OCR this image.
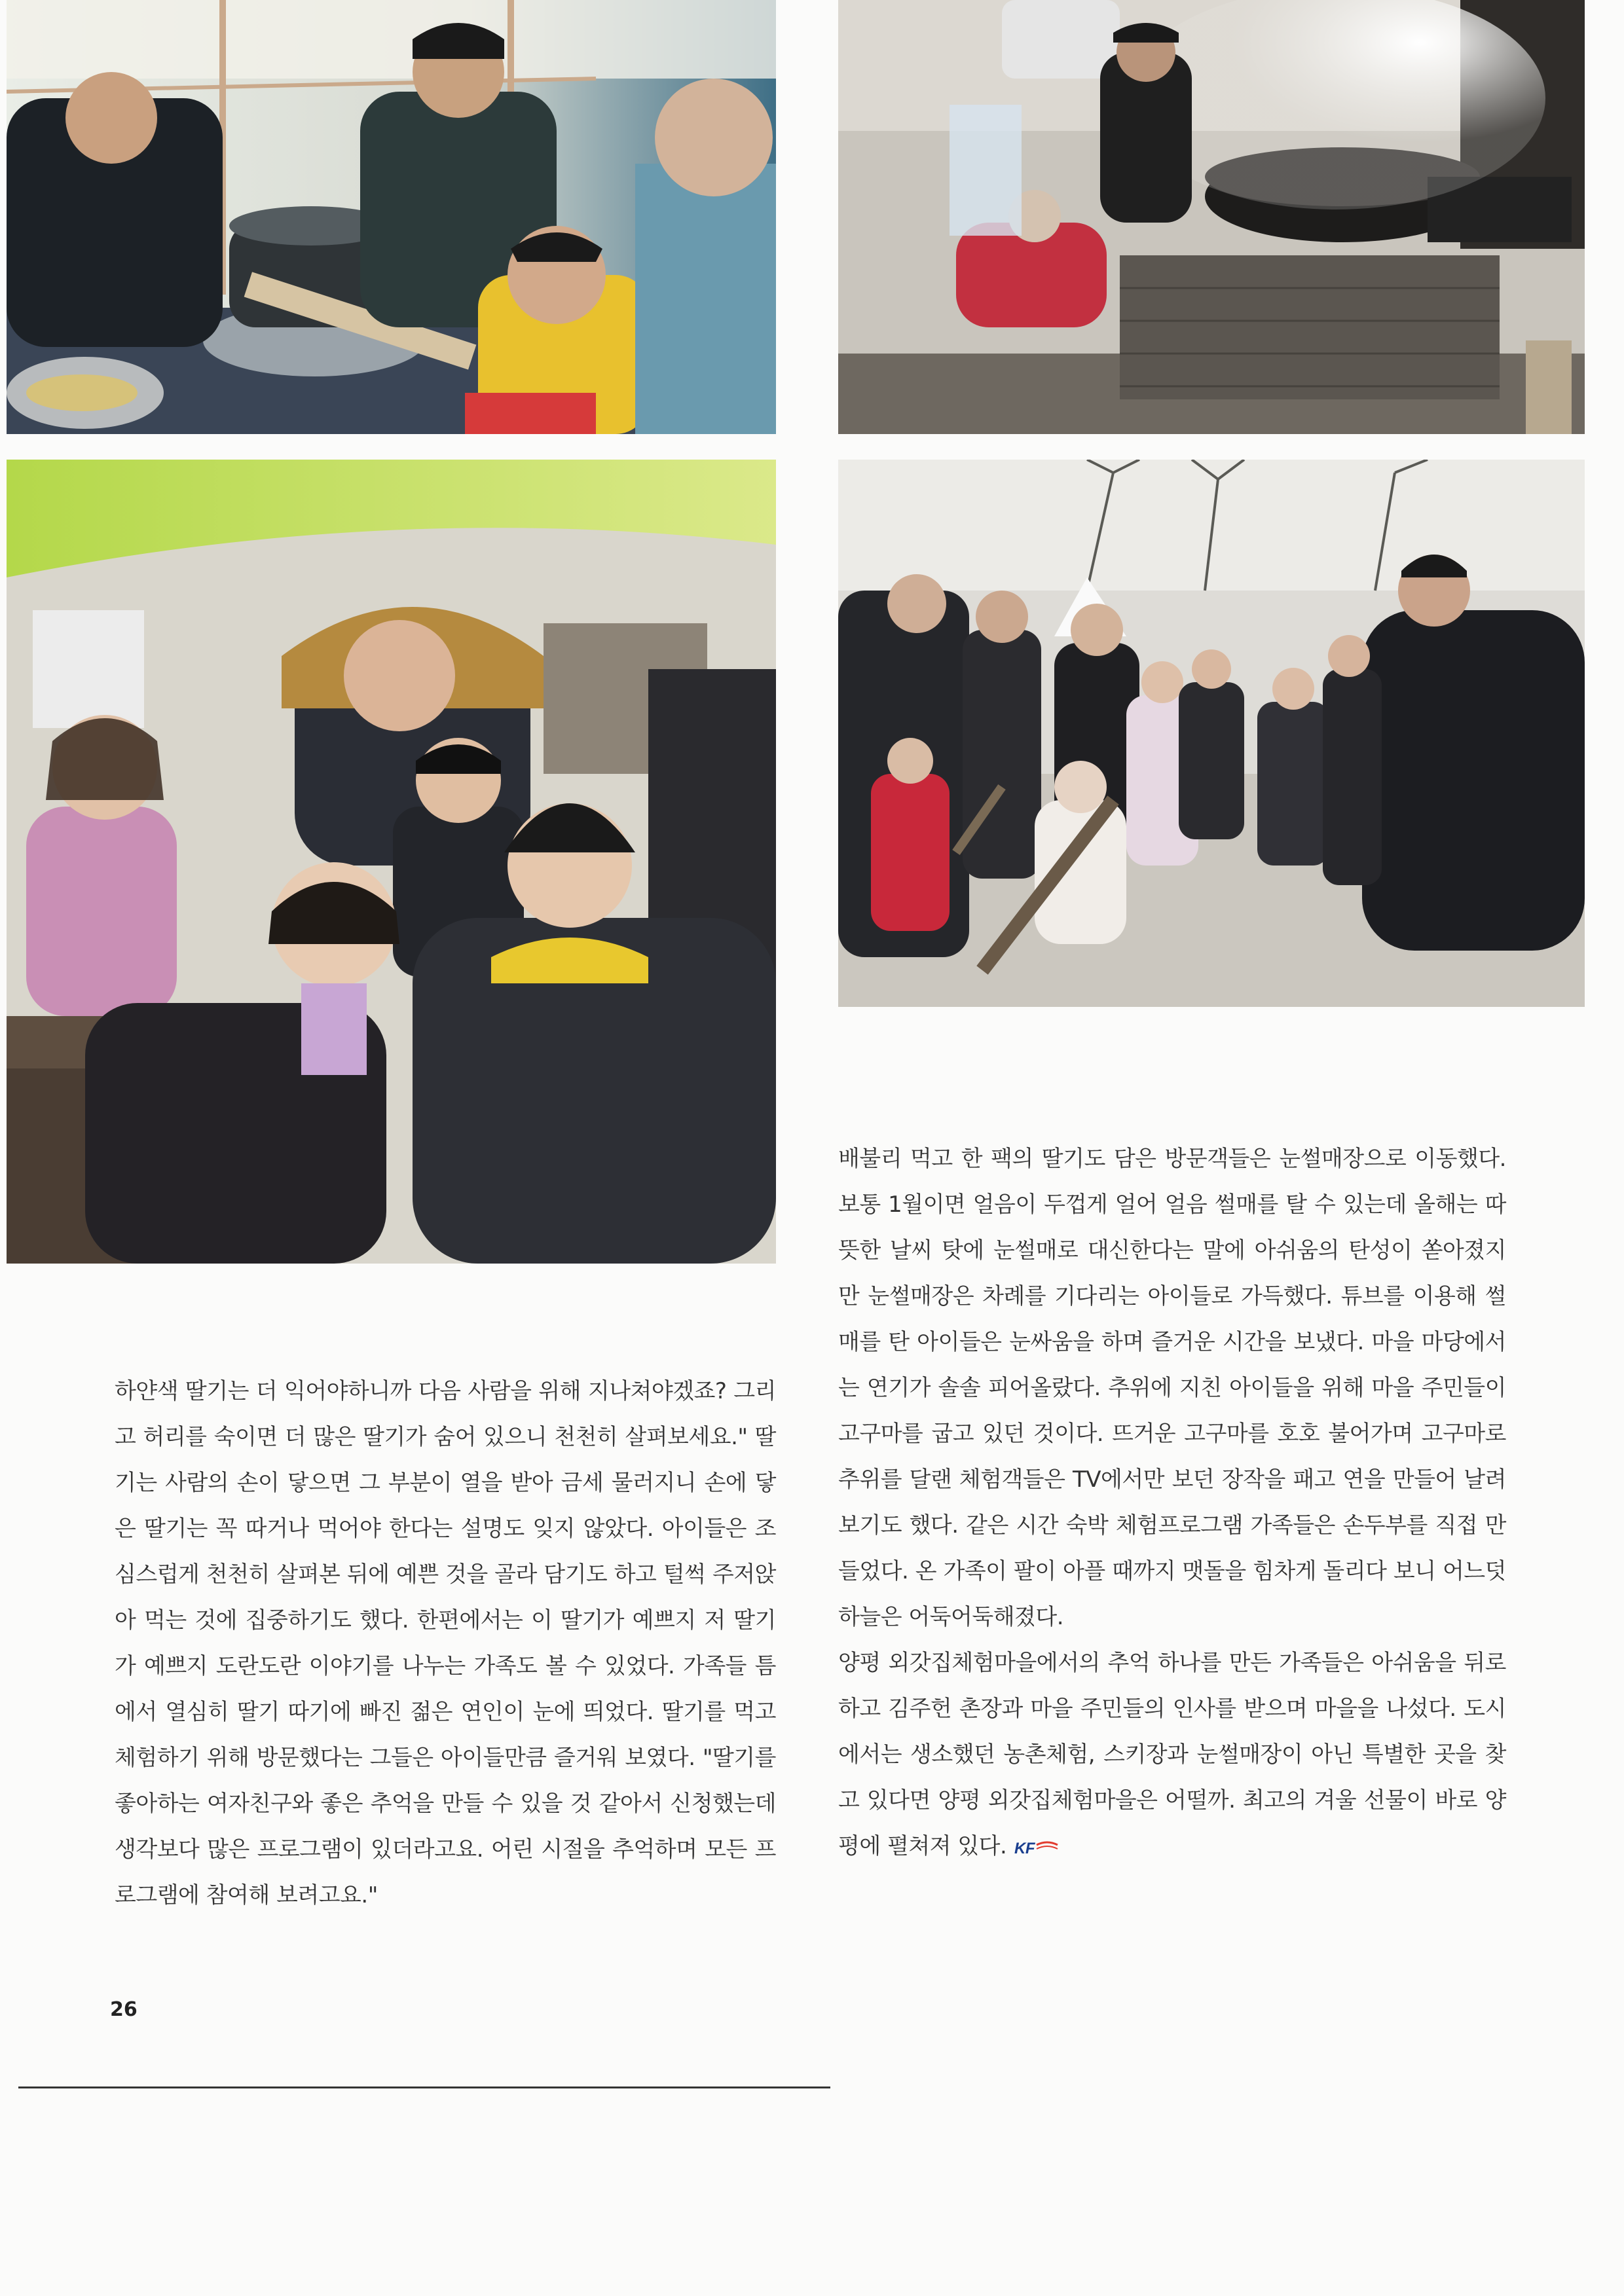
하얀색 딸기는 더 익어야하니까 다음 사람을 위해 지나쳐야겠죠? 그리고 허리를 숙이면 더 많은 딸기가 숨어 있으니 천천히 살펴보세요." 딸기는 사람의 손이 닿으면 그 부분이 열을 받아 금세 물러지니 손에 닿은 딸기는 꼭 따거나 먹어야 한다는 설명도 잊지 않았다. 아이들은 조심스럽게 천천히 살펴본 뒤에 예쁜 것을 골라 담기도 하고 털썩 주저앉아 먹는 것에 집중하기도 했다. 한편에서는 이 딸기가 예쁘지 저 딸기가 예쁘지 도란도란 이야기를 나누는 가족도 볼 수 있었다. 가족들 틈에서 열심히 딸기 따기에 빠진 젊은 연인이 눈에 띄었다. 딸기를 먹고 체험하기 위해 방문했다는 그들은 아이들만큼 즐거워 보였다. "딸기를 좋아하는 여자친구와 좋은 추억을 만들 수 있을 것 같아서 신청했는데 생각보다 많은 프로그램이 있더라고요. 어린 시절을 추억하며 모든 프로그램에 참여해 보려고요."

배불리 먹고 한 팩의 딸기도 담은 방문객들은 눈썰매장으로 이동했다. 보통 1월이면 얼음이 두껍게 얼어 얼음 썰매를 탈 수 있는데 올해는 따뜻한 날씨 탓에 눈썰매로 대신한다는 말에 아쉬움의 탄성이 쏟아졌지만 눈썰매장은 차례를 기다리는 아이들로 가득했다. 튜브를 이용해 썰매를 탄 아이들은 눈싸움을 하며 즐거운 시간을 보냈다. 마을 마당에서는 연기가 솔솔 피어올랐다. 추위에 지친 아이들을 위해 마을 주민들이 고구마를 굽고 있던 것이다. 뜨거운 고구마를 호호 불어가며 고구마로 추위를 달랜 체험객들은 TV에서만 보던 장작을 패고 연을 만들어 날려보기도 했다. 같은 시간 숙박 체험프로그램 가족들은 손두부를 직접 만들었다. 온 가족이 팔이 아플 때까지 맷돌을 힘차게 돌리다 보니 어느덧 하늘은 어둑어둑해졌다.

양평 외갓집체험마을에서의 추억 하나를 만든 가족들은 아쉬움을 뒤로 하고 김주헌 촌장과 마을 주민들의 인사를 받으며 마을을 나섰다. 도시에서는 생소했던 농촌체험, 스키장과 눈썰매장이 아닌 특별한 곳을 찾고 있다면 양평 외갓집체험마을은 어떨까. 최고의 겨울 선물이 바로 양평에 펼쳐져 있다. KF

26
